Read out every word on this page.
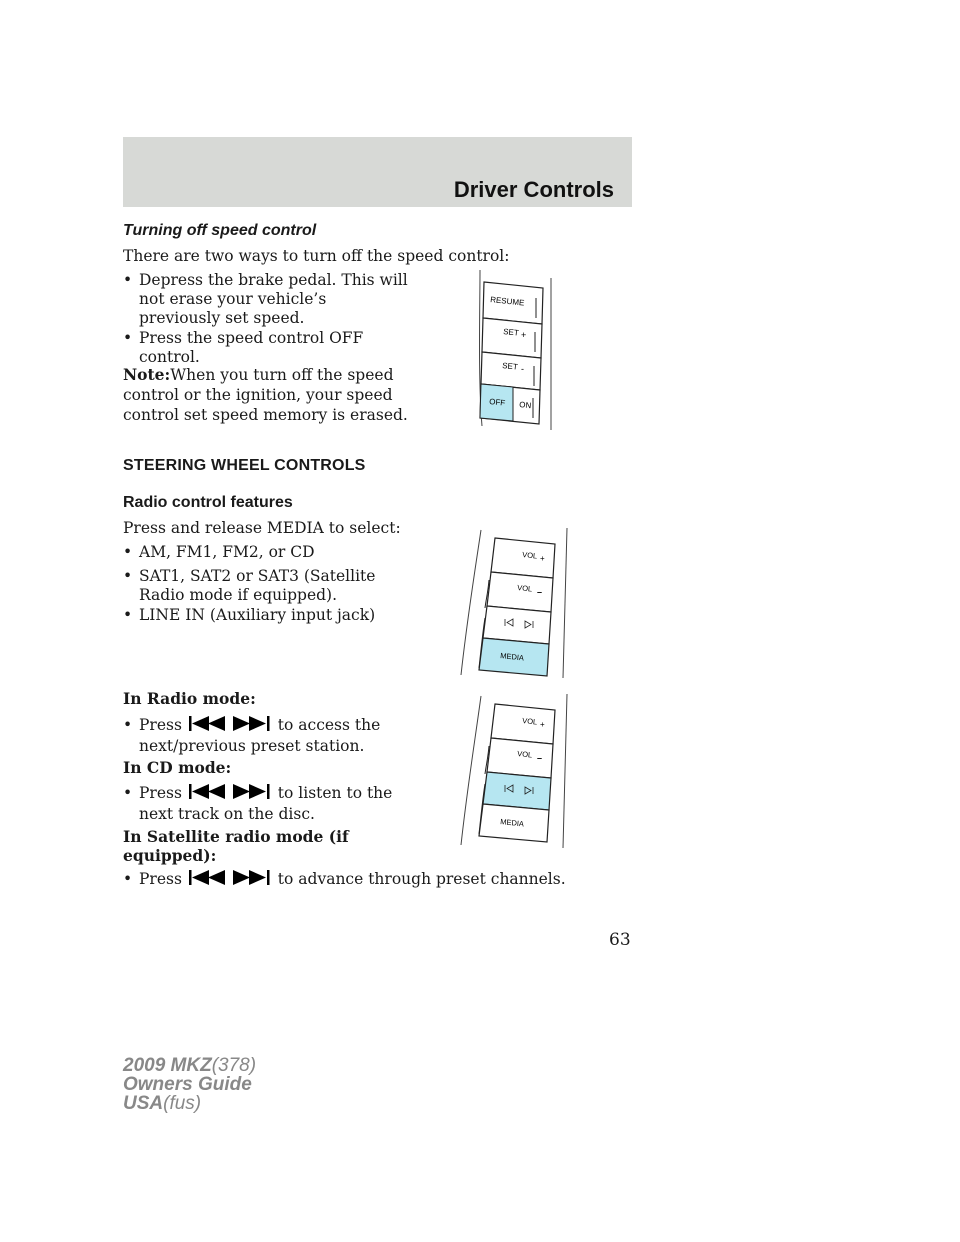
Driver Controls
Turning off speed control
There are two ways to turn off the speed control:
• Depress the brake pedal. This will
not erase your vehicle’s
previously set speed.
• Press the speed control OFF
control.
Note:When you turn off the speed
control or the ignition, your speed
control set speed memory is erased.
RESUME
SET +
SET -
OFF ON
STEERING WHEEL CONTROLS
Radio control features
Press and release MEDIA to select:
• AM, FM1, FM2, or CD
• SAT1, SAT2 or SAT3 (Satellite
Radio mode if equipped).
• LINE IN (Auxiliary input jack)
VOL +
VOL –
MEDIA
In Radio mode:
• Press	to access the
next/previous preset station.
In CD mode:
• Press	to listen to the
next track on the disc.
In Satellite radio mode (if
equipped):
• Press	to advance through preset channels.
VOL +
VOL –
MEDIA
63
2009 MKZ(378)
Owners Guide
USA(fus)
